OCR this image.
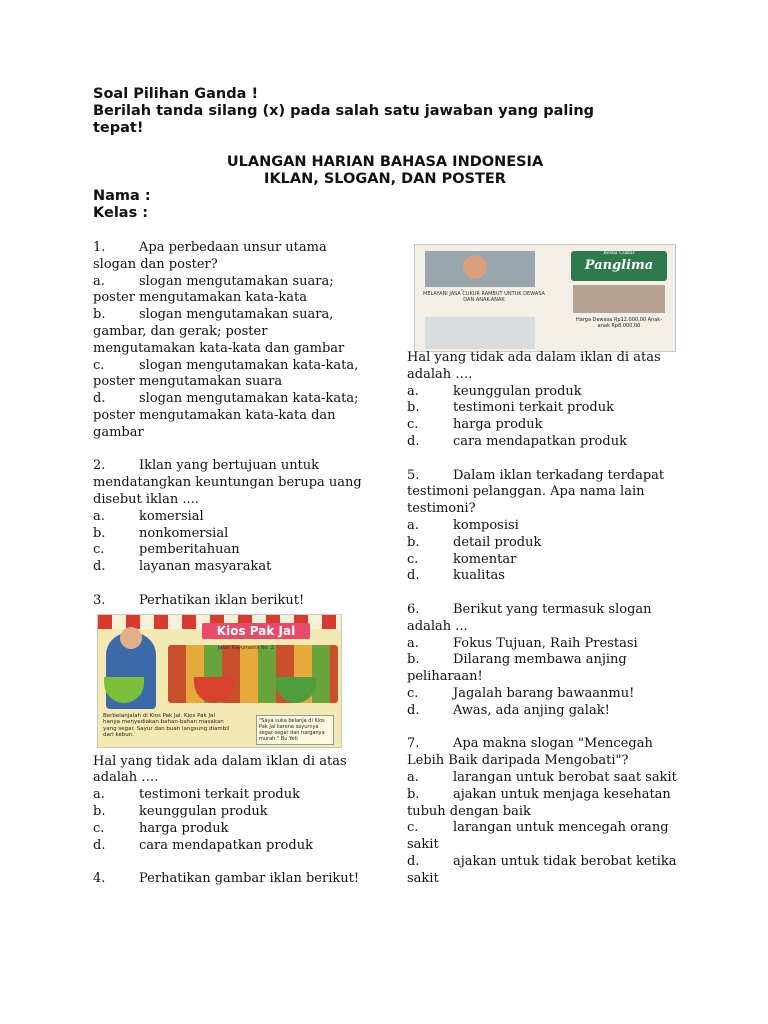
Soal Pilihan Ganda !
Berilah tanda silang (x) pada salah satu jawaban yang paling
tepat!
ULANGAN HARIAN BAHASA INDONESIA
IKLAN, SLOGAN, DAN POSTER
Nama :
Kelas :
1.	Apa perbedaan unsur utama slogan dan poster?
a.	slogan mengutamakan suara; poster mengutamakan kata-kata
b.	slogan mengutamakan suara, gambar, dan gerak; poster mengutamakan kata-kata dan gambar
c.	slogan mengutamakan kata-kata, poster mengutamakan suara
d.	slogan mengutamakan kata-kata; poster mengutamakan kata-kata dan gambar
2.	Iklan yang bertujuan untuk mendatangkan keuntungan berupa uang disebut iklan ....
a.	komersial
b.	nonkomersial
c.	pemberitahuan
d.	layanan masyarakat
3.	Perhatikan iklan berikut!
Kios Pak Jal
Jalan Kayumanis No. 2
Berbelanjalah di Kios Pak Jal. Kios Pak Jal hanya menyediakan bahan-bahan masakan yang segar. Sayur dan buah langsung diambil dari kebun.
"Saya suka belanja di Kios Pak Jal karena sayurnya segar-segar dan harganya murah." Bu Yeti
Hal yang tidak ada dalam iklan di atas adalah ….
a.	testimoni terkait produk
b.	keunggulan produk
c.	harga produk
d.	cara mendapatkan produk
4.	Perhatikan gambar iklan berikut!
MELAYANI JASA CUKUR RAMBUT UNTUK DEWASA DAN ANAK-ANAK
Kedai Cukur
Panglima
Harga Dewasa Rp12.000,00 Anak-anak Rp8.000,00
Hal yang tidak ada dalam iklan di atas adalah ….
a.	keunggulan produk
b.	testimoni terkait produk
c.	harga produk
d.	cara mendapatkan produk
5.	Dalam iklan terkadang terdapat testimoni pelanggan. Apa nama lain testimoni?
a.	komposisi
b.	detail produk
c.	komentar
d.	kualitas
6.	Berikut yang termasuk slogan adalah ...
a.	Fokus Tujuan, Raih Prestasi
b.	Dilarang membawa anjing peliharaan!
c.	Jagalah barang bawaanmu!
d.	Awas, ada anjing galak!
7.	Apa makna slogan "Mencegah Lebih Baik daripada Mengobati"?
a.	larangan untuk berobat saat sakit
b.	ajakan untuk menjaga kesehatan tubuh dengan baik
c.	larangan untuk mencegah orang sakit
d.	ajakan untuk tidak berobat ketika sakit
